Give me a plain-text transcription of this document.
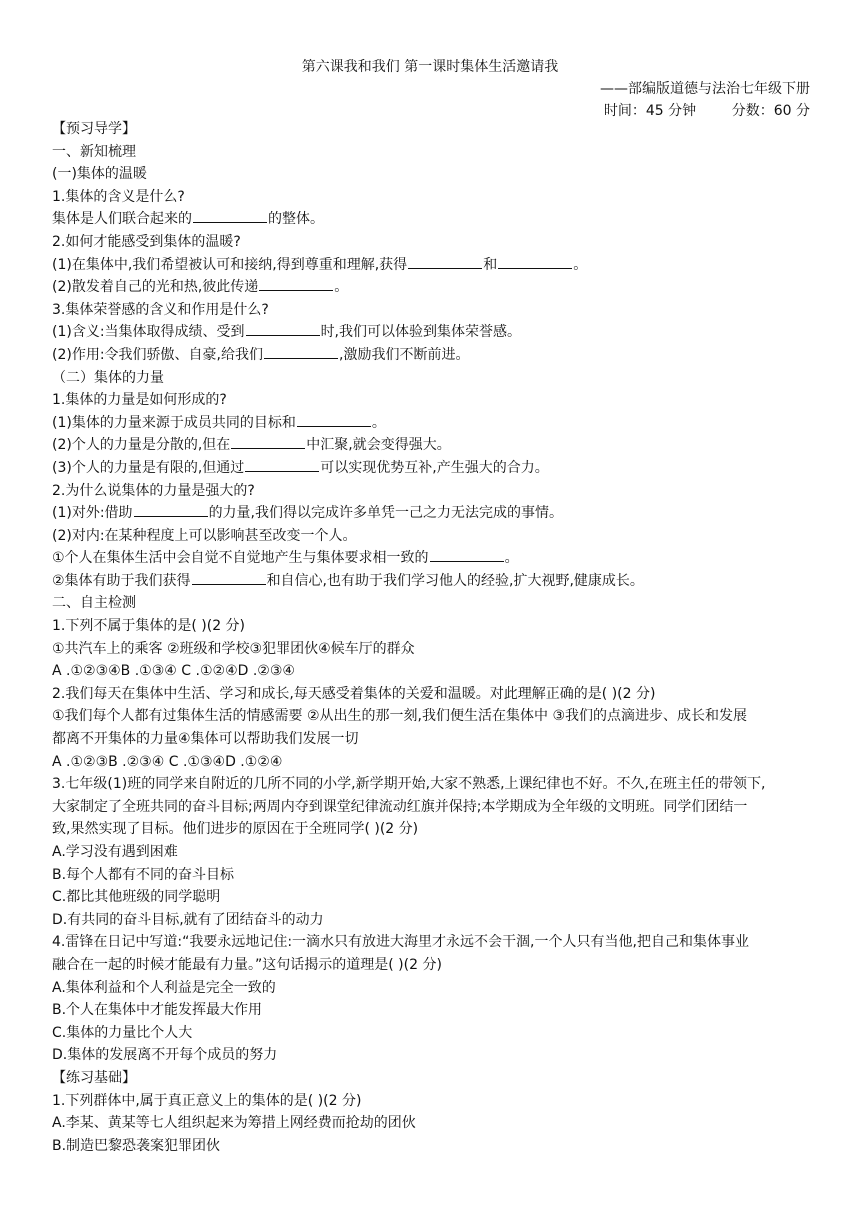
第六课我和我们 第一课时集体生活邀请我
——部编版道德与法治七年级下册
时间：45 分钟        分数：60 分
【预习导学】
一、新知梳理
(一)集体的温暖
1.集体的含义是什么?
集体是人们联合起来的	的整体。
2.如何才能感受到集体的温暖?
(1)在集体中,我们希望被认可和接纳,得到尊重和理解,获得	和	。
(2)散发着自己的光和热,彼此传递	。
3.集体荣誉感的含义和作用是什么?
(1)含义:当集体取得成绩、受到	时,我们可以体验到集体荣誉感。
(2)作用:令我们骄傲、自豪,给我们	,激励我们不断前进。
（二）集体的力量
1.集体的力量是如何形成的?
(1)集体的力量来源于成员共同的目标和	。
(2)个人的力量是分散的,但在	中汇聚,就会变得强大。
(3)个人的力量是有限的,但通过	可以实现优势互补,产生强大的合力。
2.为什么说集体的力量是强大的?
(1)对外:借助	的力量,我们得以完成许多单凭一己之力无法完成的事情。
(2)对内:在某种程度上可以影响甚至改变一个人。
①个人在集体生活中会自觉不自觉地产生与集体要求相一致的	。
②集体有助于我们获得	和自信心,也有助于我们学习他人的经验,扩大视野,健康成长。
二、自主检测
1.下列不属于集体的是( )(2 分)
①共汽车上的乘客 ②班级和学校③犯罪团伙④候车厅的群众
A .①②③④B .①③④ C .①②④D .②③④
2.我们每天在集体中生活、学习和成长,每天感受着集体的关爱和温暖。对此理解正确的是( )(2 分)
①我们每个人都有过集体生活的情感需要 ②从出生的那一刻,我们便生活在集体中 ③我们的点滴进步、成长和发展
都离不开集体的力量④集体可以帮助我们发展一切
A .①②③B .②③④ C .①③④D .①②④
3.七年级(1)班的同学来自附近的几所不同的小学,新学期开始,大家不熟悉,上课纪律也不好。不久,在班主任的带领下,
大家制定了全班共同的奋斗目标;两周内夺到课堂纪律流动红旗并保持;本学期成为全年级的文明班。同学们团结一
致,果然实现了目标。他们进步的原因在于全班同学( )(2 分)
A.学习没有遇到困难
B.每个人都有不同的奋斗目标
C.都比其他班级的同学聪明
D.有共同的奋斗目标,就有了团结奋斗的动力
4.雷锋在日记中写道:“我要永远地记住:一滴水只有放进大海里才永远不会干涸,一个人只有当他,把自己和集体事业
融合在一起的时候才能最有力量。”这句话揭示的道理是( )(2 分)
A.集体利益和个人利益是完全一致的
B.个人在集体中才能发挥最大作用
C.集体的力量比个人大
D.集体的发展离不开每个成员的努力
【练习基础】
1.下列群体中,属于真正意义上的集体的是( )(2 分)
A.李某、黄某等七人组织起来为筹措上网经费而抢劫的团伙
B.制造巴黎恐袭案犯罪团伙
